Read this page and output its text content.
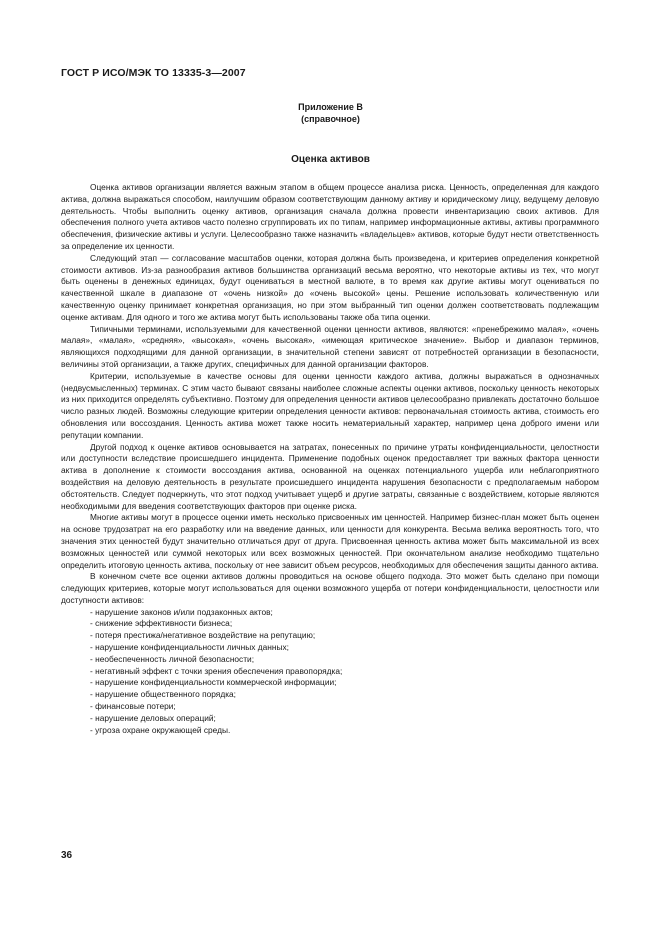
ГОСТ Р ИСО/МЭК ТО 13335-3—2007
Приложение В
(справочное)
Оценка активов

Оценка активов организации является важным этапом в общем процессе анализа риска. Ценность, определенная для каждого актива, должна выражаться способом, наилучшим образом соответствующим данному активу и юридическому лицу, ведущему деловую деятельность. Чтобы выполнить оценку активов, организация сначала должна провести инвентаризацию своих активов. Для обеспечения полного учета активов часто полезно сгруппировать их по типам, например информационные активы, активы программного обеспечения, физические активы и услуги. Целесообразно также назначить «владельцев» активов, которые будут нести ответственность за определение их ценности.

Следующий этап — согласование масштабов оценки, которая должна быть произведена, и критериев определения конкретной стоимости активов. Из-за разнообразия активов большинства организаций весьма вероятно, что некоторые активы из тех, что могут быть оценены в денежных единицах, будут оцениваться в местной валюте, в то время как другие активы могут оцениваться по качественной шкале в диапазоне от «очень низкой» до «очень высокой» цены. Решение использовать количественную или качественную оценку принимает конкретная организация, но при этом выбранный тип оценки должен соответствовать подлежащим оценке активам. Для одного и того же актива могут быть использованы также оба типа оценки.

Типичными терминами, используемыми для качественной оценки ценности активов, являются: «пренебрежимо малая», «очень малая», «малая», «средняя», «высокая», «очень высокая», «имеющая критическое значение». Выбор и диапазон терминов, являющихся подходящими для данной организации, в значительной степени зависят от потребностей организации в безопасности, величины этой организации, а также других, специфичных для данной организации факторов.

Критерии, используемые в качестве основы для оценки ценности каждого актива, должны выражаться в однозначных (недвусмысленных) терминах. С этим часто бывают связаны наиболее сложные аспекты оценки активов, поскольку ценность некоторых из них приходится определять субъективно. Поэтому для определения ценности активов целесообразно привлекать достаточно большое число разных людей. Возможны следующие критерии определения ценности активов: первоначальная стоимость актива, стоимость его обновления или воссоздания. Ценность актива может также носить нематериальный характер, например цена доброго имени или репутации компании.

Другой подход к оценке активов основывается на затратах, понесенных по причине утраты конфиденциальности, целостности или доступности вследствие происшедшего инцидента. Применение подобных оценок предоставляет три важных фактора ценности актива в дополнение к стоимости воссоздания актива, основанной на оценках потенциального ущерба или неблагоприятного воздействия на деловую деятельность в результате происшедшего инцидента нарушения безопасности с предполагаемым набором обстоятельств. Следует подчеркнуть, что этот подход учитывает ущерб и другие затраты, связанные с воздействием, которые являются необходимыми для введения соответствующих факторов при оценке риска.

Многие активы могут в процессе оценки иметь несколько присвоенных им ценностей. Например бизнес-план может быть оценен на основе трудозатрат на его разработку или на введение данных, или ценности для конкурента. Весьма велика вероятность того, что значения этих ценностей будут значительно отличаться друг от друга. Присвоенная ценность актива может быть максимальной из всех возможных ценностей или суммой некоторых или всех возможных ценностей. При окончательном анализе необходимо тщательно определить итоговую ценность актива, поскольку от нее зависит объем ресурсов, необходимых для обеспечения защиты данного актива.

В конечном счете все оценки активов должны проводиться на основе общего подхода. Это может быть сделано при помощи следующих критериев, которые могут использоваться для оценки возможного ущерба от потери конфиденциальности, целостности или доступности активов:

- нарушение законов и/или подзаконных актов;
- снижение эффективности бизнеса;
- потеря престижа/негативное воздействие на репутацию;
- нарушение конфиденциальности личных данных;
- необеспеченность личной безопасности;
- негативный эффект с точки зрения обеспечения правопорядка;
- нарушение конфиденциальности коммерческой информации;
- нарушение общественного порядка;
- финансовые потери;
- нарушение деловых операций;
- угроза охране окружающей среды.
36
